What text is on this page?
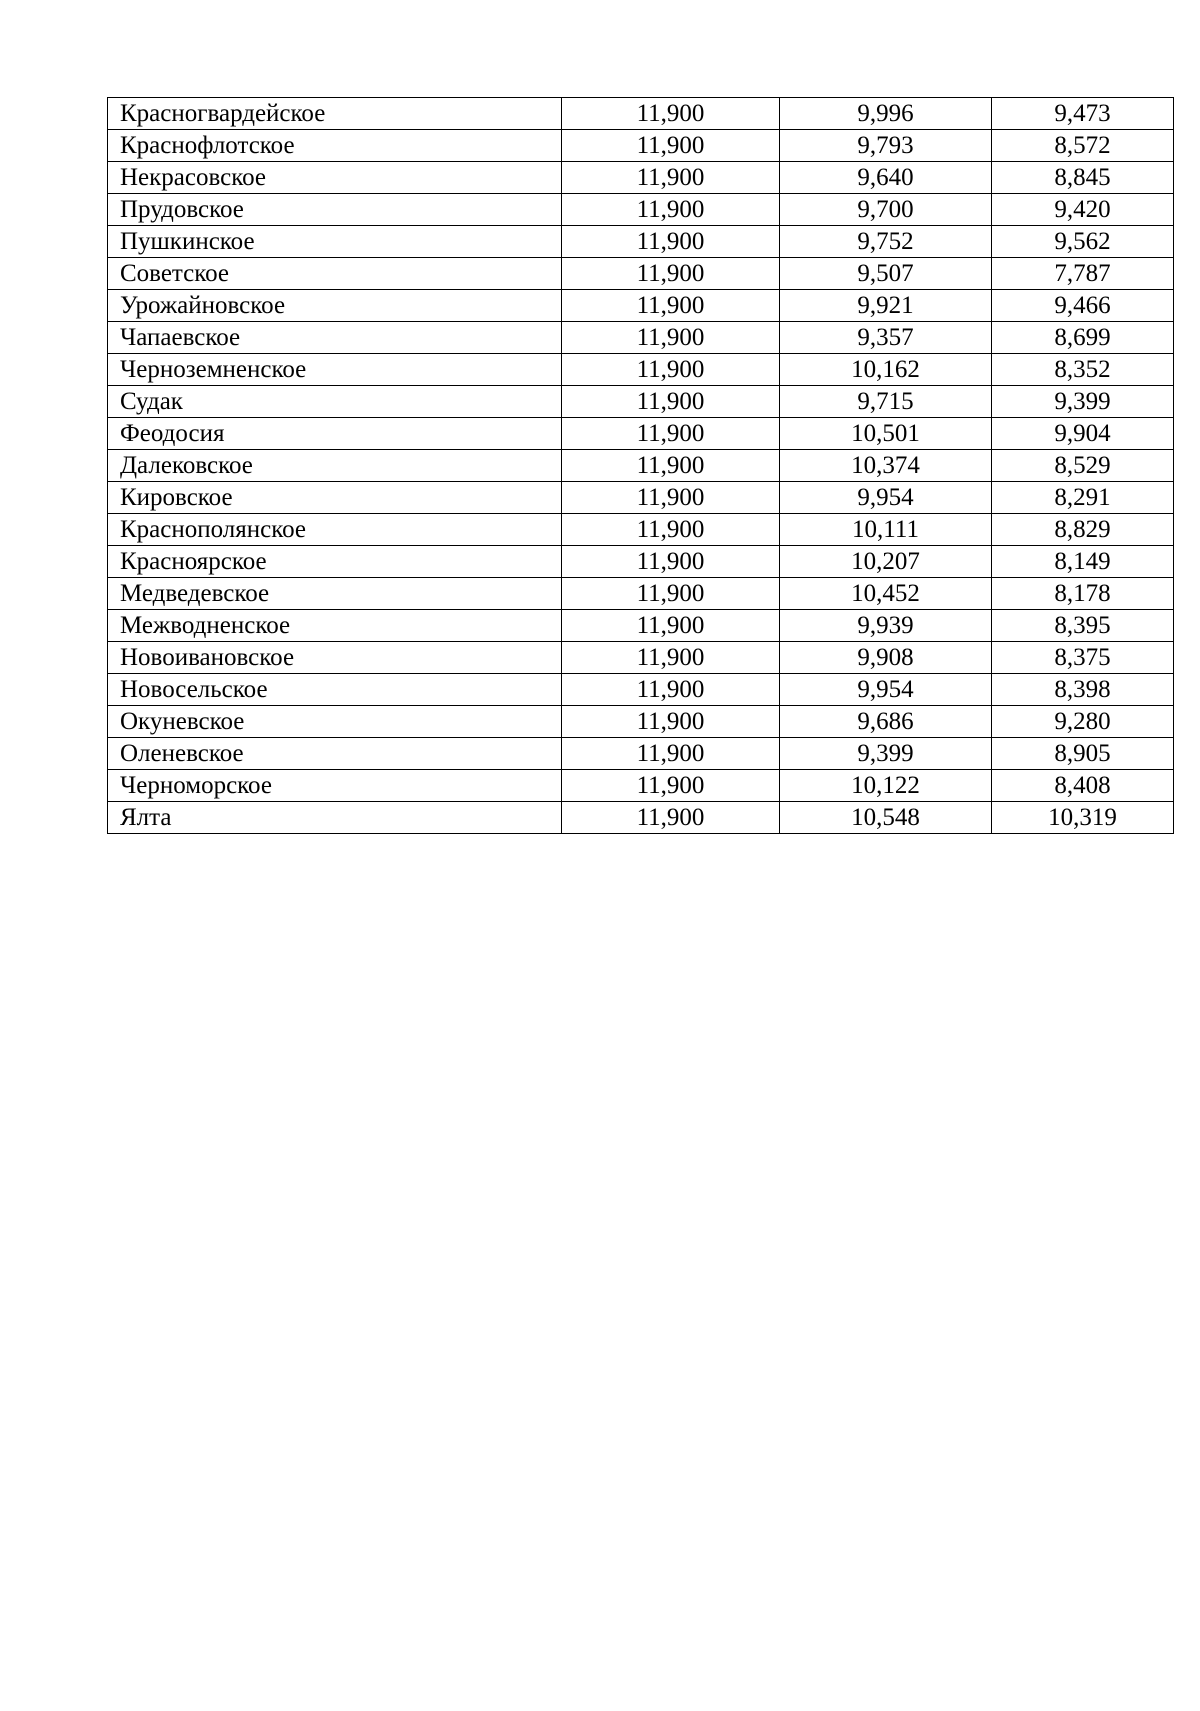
Красногвардейское	11,900	9,996	9,473
Краснофлотское	11,900	9,793	8,572
Некрасовское	11,900	9,640	8,845
Прудовское	11,900	9,700	9,420
Пушкинское	11,900	9,752	9,562
Советское	11,900	9,507	7,787
Урожайновское	11,900	9,921	9,466
Чапаевское	11,900	9,357	8,699
Черноземненское	11,900	10,162	8,352
Судак	11,900	9,715	9,399
Феодосия	11,900	10,501	9,904
Далековское	11,900	10,374	8,529
Кировское	11,900	9,954	8,291
Краснополянское	11,900	10,111	8,829
Красноярское	11,900	10,207	8,149
Медведевское	11,900	10,452	8,178
Межводненское	11,900	9,939	8,395
Новоивановское	11,900	9,908	8,375
Новосельское	11,900	9,954	8,398
Окуневское	11,900	9,686	9,280
Оленевское	11,900	9,399	8,905
Черноморское	11,900	10,122	8,408
Ялта	11,900	10,548	10,319
